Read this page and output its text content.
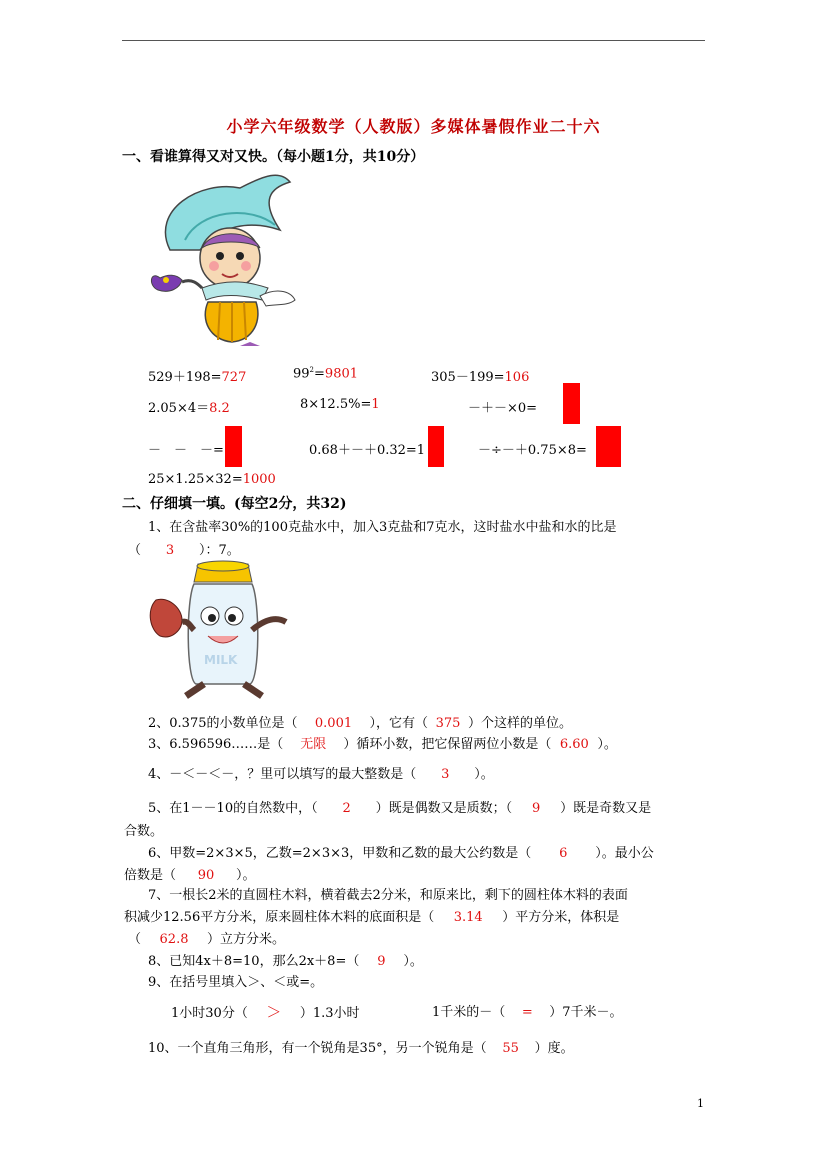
小学六年级数学（人教版）多媒体暑假作业二十六
一、看谁算得又对又快。（每小题1分，共10分）
529＋198=727	$99^2=9801$	305－199=106
2.05×4＝8.2	8×12.5%=1	－＋－×0=
－　－　－=	0.68＋－＋0.32=1	－÷－＋0.75×8=
25×1.25×32=1000
二、仔细填一填。(每空2分，共32)
1、在含盐率30%的100克盐水中，加入3克盐和7克水，这时盐水中盐和水的比是
（ 3 ）：7。
MILK
2、0.375的小数单位是（ 0.001 ），它有（ 375 ）个这样的单位。
3、6.596596……是（ 无限 ）循环小数，把它保留两位小数是（ 6.60 ）。
4、－＜－＜－，？里可以填写的最大整数是（ 3 ）。
5、在1－－10的自然数中，（ 2 ）既是偶数又是质数；（ 9 ）既是奇数又是
合数。
6、甲数=2×3×5，乙数=2×3×3，甲数和乙数的最大公约数是（ 6 ）。最小公
倍数是（ 90 ）。
7、一根长2米的直圆柱木料，横着截去2分米，和原来比，剩下的圆柱体木料的表面
积减少12.56平方分米，原来圆柱体木料的底面积是（ 3.14 ）平方分米，体积是
（ 62.8 ）立方分米。
8、已知4x＋8=10，那么2x＋8=（ 9 ）。
9、在括号里填入＞、＜或=。
1小时30分（ ＞ ）1.3小时	1千米的－（ = ）7千米－。
10、一个直角三角形，有一个锐角是35°，另一个锐角是（ 55 ）度。
1
